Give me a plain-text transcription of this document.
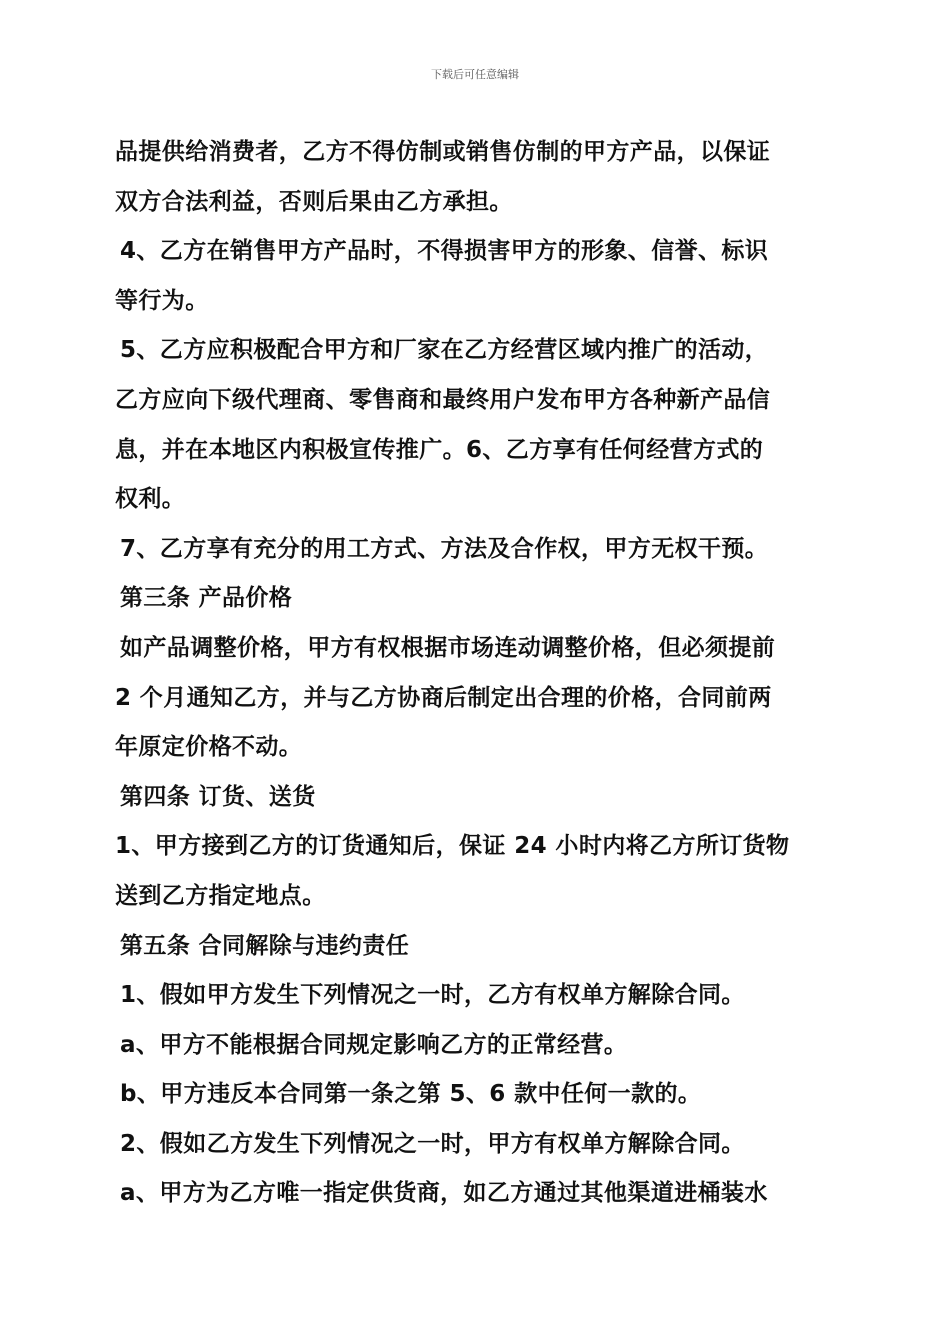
下载后可任意编辑

品提供给消费者，乙方不得仿制或销售仿制的甲方产品，以保证

双方合法利益，否则后果由乙方承担。

4、乙方在销售甲方产品时，不得损害甲方的形象、信誉、标识

等行为。

5、乙方应积极配合甲方和厂家在乙方经营区域内推广的活动，

乙方应向下级代理商、零售商和最终用户发布甲方各种新产品信

息，并在本地区内积极宣传推广。6、乙方享有任何经营方式的

权利。

7、乙方享有充分的用工方式、方法及合作权，甲方无权干预。

第三条 产品价格

如产品调整价格，甲方有权根据市场连动调整价格，但必须提前

2 个月通知乙方，并与乙方协商后制定出合理的价格，合同前两

年原定价格不动。

第四条 订货、送货

1、甲方接到乙方的订货通知后，保证 24 小时内将乙方所订货物

送到乙方指定地点。

第五条 合同解除与违约责任

1、假如甲方发生下列情况之一时，乙方有权单方解除合同。

a、甲方不能根据合同规定影响乙方的正常经营。

b、甲方违反本合同第一条之第 5、6 款中任何一款的。

2、假如乙方发生下列情况之一时，甲方有权单方解除合同。

a、甲方为乙方唯一指定供货商，如乙方通过其他渠道进桶装水
